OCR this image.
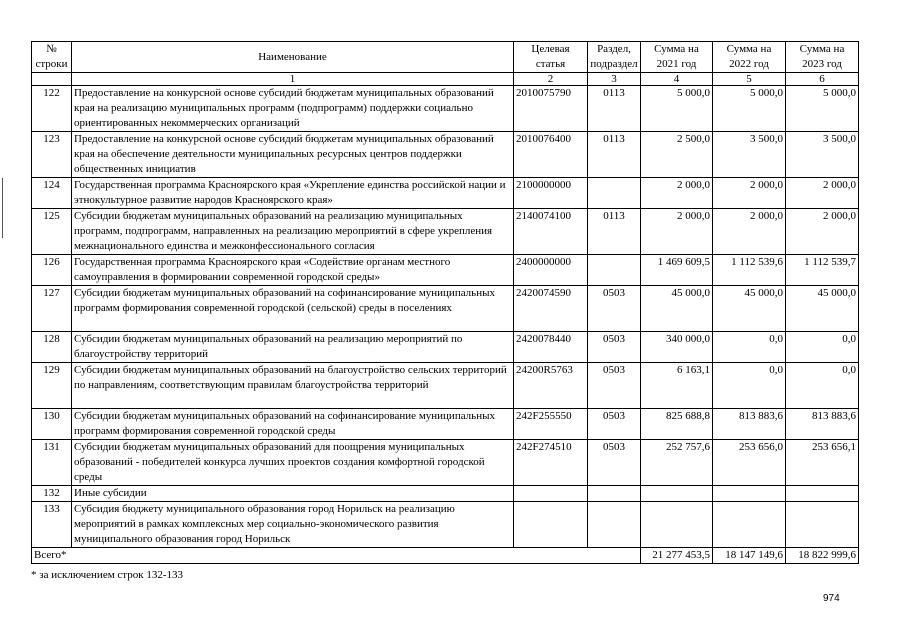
№ строки	Наименование	Целевая статья	Раздел, подраздел	Сумма на 2021 год	Сумма на 2022 год	Сумма на 2023 год
	1	2	3	4	5	6
122	Предоставление на конкурсной основе субсидий бюджетам муниципальных образований края на реализацию муниципальных программ (подпрограмм) поддержки социально ориентированных некоммерческих организаций	2010075790	0113	5 000,0	5 000,0	5 000,0
123	Предоставление на конкурсной основе субсидий бюджетам муниципальных образований края на обеспечение деятельности муниципальных ресурсных центров поддержки общественных инициатив	2010076400	0113	2 500,0	3 500,0	3 500,0
124	Государственная программа Красноярского края «Укрепление единства российской нации и этнокультурное развитие народов Красноярского края»	2100000000		2 000,0	2 000,0	2 000,0
125	Субсидии бюджетам муниципальных образований на реализацию муниципальных программ, подпрограмм, направленных на реализацию мероприятий в сфере укрепления межнационального единства и межконфессионального согласия	2140074100	0113	2 000,0	2 000,0	2 000,0
126	Государственная программа Красноярского края «Содействие органам местного самоуправления в формировании современной городской среды»	2400000000		1 469 609,5	1 112 539,6	1 112 539,7
127	Субсидии бюджетам муниципальных образований на софинансирование муниципальных программ формирования современной городской (сельской) среды в поселениях	2420074590	0503	45 000,0	45 000,0	45 000,0
128	Субсидии бюджетам муниципальных образований на реализацию мероприятий по благоустройству территорий	2420078440	0503	340 000,0	0,0	0,0
129	Субсидии бюджетам муниципальных образований на благоустройство сельских территорий по направлениям, соответствующим правилам благоустройства территорий	24200R5763	0503	6 163,1	0,0	0,0
130	Субсидии бюджетам муниципальных образований на софинансирование муниципальных программ формирования современной городской среды	242F255550	0503	825 688,8	813 883,6	813 883,6
131	Субсидии бюджетам муниципальных образований для поощрения муниципальных образований - победителей конкурса лучших проектов создания комфортной городской среды	242F274510	0503	252 757,6	253 656,0	253 656,1
132	Иные субсидии					
133	Субсидия бюджету муниципального образования город Норильск на реализацию мероприятий в рамках комплексных мер социально-экономического развития муниципального образования город Норильск					
Всего*				21 277 453,5	18 147 149,6	18 822 999,6
* за исключением строк 132-133
974
